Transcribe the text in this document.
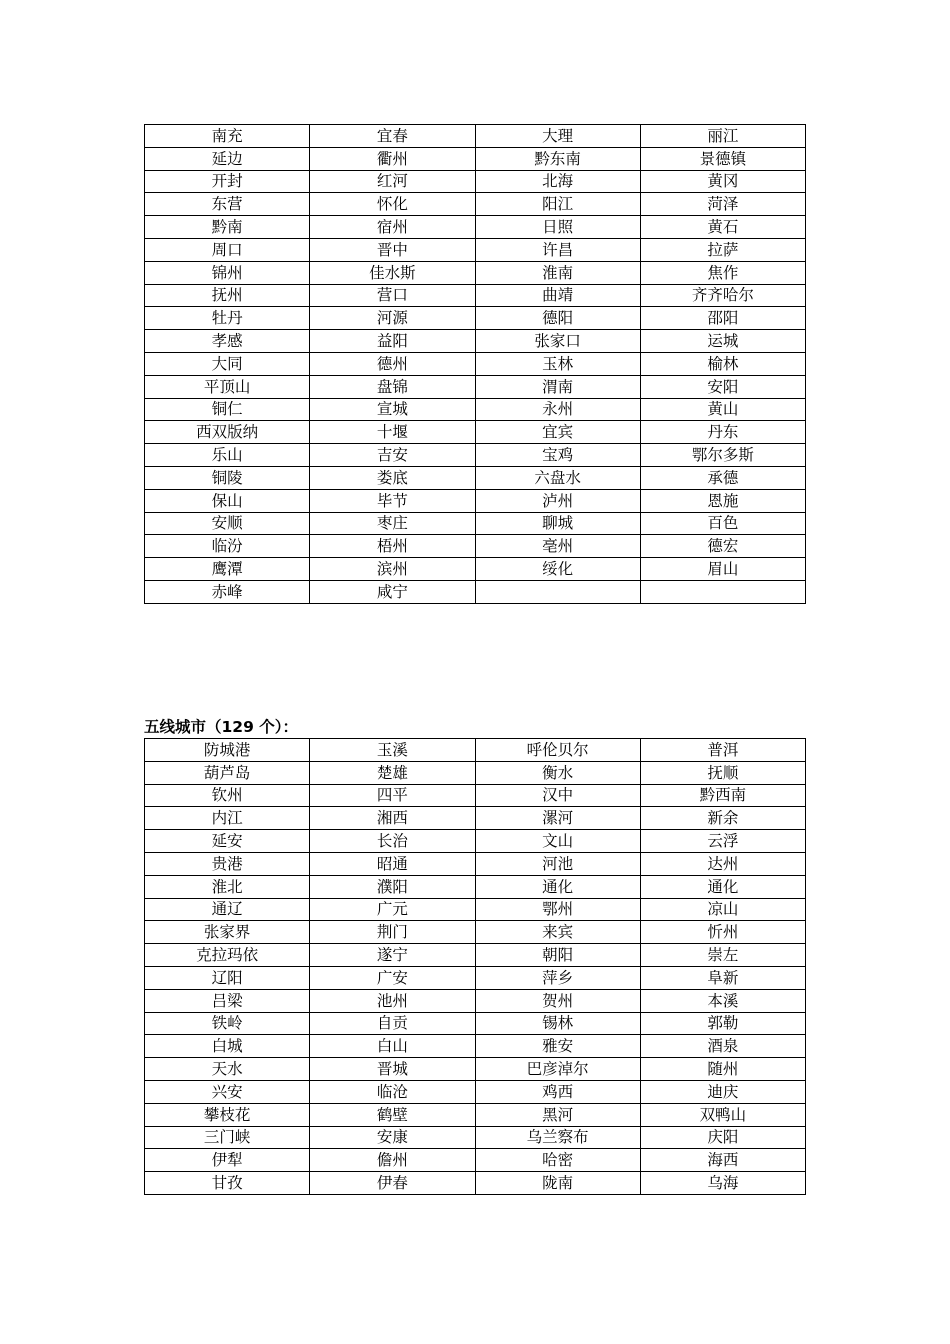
南充	宜春	大理	丽江
延边	衢州	黔东南	景德镇
开封	红河	北海	黄冈
东营	怀化	阳江	菏泽
黔南	宿州	日照	黄石
周口	晋中	许昌	拉萨
锦州	佳水斯	淮南	焦作
抚州	营口	曲靖	齐齐哈尔
牡丹	河源	德阳	邵阳
孝感	益阳	张家口	运城
大同	德州	玉林	榆林
平顶山	盘锦	渭南	安阳
铜仁	宣城	永州	黄山
西双版纳	十堰	宜宾	丹东
乐山	吉安	宝鸡	鄂尔多斯
铜陵	娄底	六盘水	承德
保山	毕节	泸州	恩施
安顺	枣庄	聊城	百色
临汾	梧州	亳州	德宏
鹰潭	滨州	绥化	眉山
赤峰	咸宁		
五线城市（129 个）：
防城港	玉溪	呼伦贝尔	普洱
葫芦岛	楚雄	衡水	抚顺
钦州	四平	汉中	黔西南
内江	湘西	漯河	新余
延安	长治	文山	云浮
贵港	昭通	河池	达州
淮北	濮阳	通化	通化
通辽	广元	鄂州	凉山
张家界	荆门	来宾	忻州
克拉玛依	遂宁	朝阳	崇左
辽阳	广安	萍乡	阜新
吕梁	池州	贺州	本溪
铁岭	自贡	锡林	郭勒
白城	白山	雅安	酒泉
天水	晋城	巴彦淖尔	随州
兴安	临沧	鸡西	迪庆
攀枝花	鹤壁	黑河	双鸭山
三门峡	安康	乌兰察布	庆阳
伊犁	儋州	哈密	海西
甘孜	伊春	陇南	乌海
